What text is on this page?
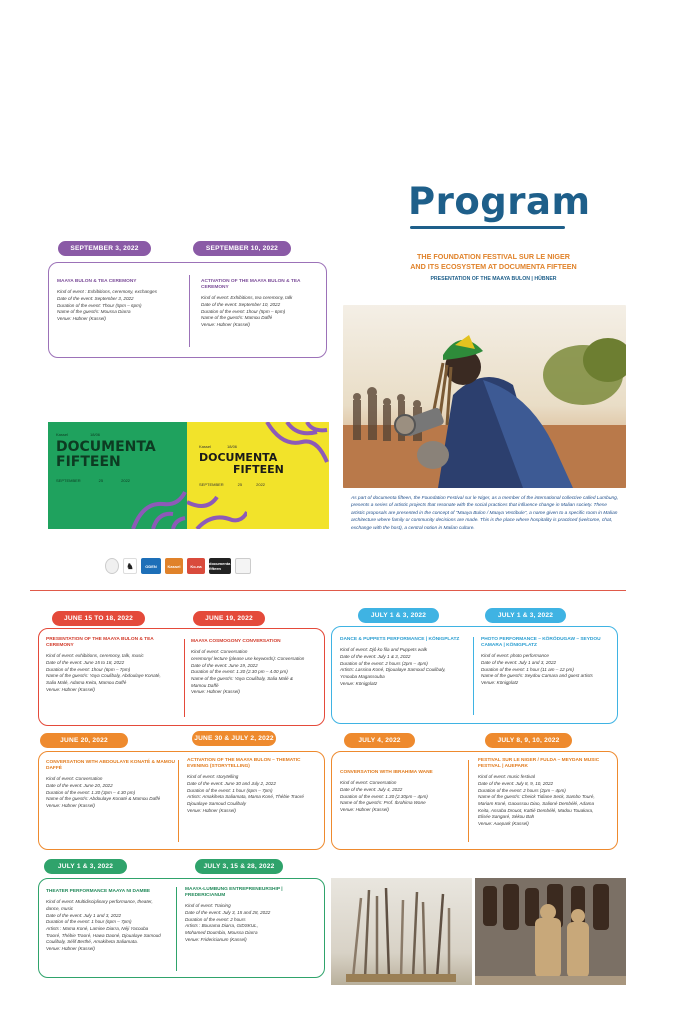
Program
THE FOUNDATION FESTIVAL SUR LE NIGER
AND ITS ECOSYSTEM AT DOCUMENTA FIFTEEN
PRESENTATION OF THE MAAYA BULON | HÜBNER
As part of documenta fifteen, the Foundation Festival sur le Niger, as a member of the international collective called Lumbung, presents a series of artistic projects that resonate with the social practices that influence change in Malian society. These artistic proposals are presented in the concept of "Maaya Bulon / Maaya Vestibule", a name given to a specific room in Malian architecture where family or community decisions are made. This is the place where hospitality is practiced (welcome, chat, exchange with the host), a central notion in Malian culture.
SEPTEMBER 3, 2022	SEPTEMBER 10, 2022
MAAYA BULON & TEA CEREMONY
Kind of event : Exhibitions, ceremony, exchanges
Date of the event: September 3, 2022
Duration of the event: Thour (5pm – 6pm)
Name of the guest/s: Moussa Diarra
Venue: Hübner (Kassel)
ACTIVATION OF THE MAAYA BULON & TEA CEREMONY
Kind of event: Exhibitions, tea ceremony, talk
Date of the event: September 10, 2022
Duration of the event: 1hour (5pm – 6pm)
Name of the guest/s: Mamou Daffé
Venue: Hübner (Kassel)
Kassel	18/06
DOCUMENTA FIFTEEN
SEPTEMBER	25	2022
Kassel	18/06
DOCUMENTA
FIFTEEN
SEPTEMBER	25	2022
♞	ODEN	Kassel	Ko-na	documenta fifteen
JUNE 15 TO 18, 2022	JUNE 19, 2022
PRESENTATION OF THE MAAYA BULON & TEA CEREMONY
Kind of event: exhibitions, ceremony, talk, music
Date of the event: June 15 to 18, 2022
Duration of the event: 1hour (6pm – 7pm)
Name of the guest/s: Yaya Coulibaly, Abdoulaye Konaté,
Salia Malé, Adama Keita, Mamou Daffé
Venue: Hübner (Kassel)
MAAYA COSMOGONY CONVERSATION
Kind of event: Conversation
ceremony/ lecture (please use keywords): Conversation
Date of the event: June 19, 2022
Duration of the event: 1.30 (2.30 pm – 4.00 pm)
Name of the guest/s: Yaya Coulibaly, Salia Malé &
Mamou Daffé
Venue: Hübner (Kassel)
JULY 1 & 3, 2022	JULY 1 & 3, 2022
DANCE & PUPPETS PERFORMANCE | KÖNIGPLATZ
Kind of event: Djô ko fila and Puppets walk
Date of the event: July 1 & 3, 2022
Duration of the event: 2 hours (2pm – 4pm)
Artists: Lassina Koné, Djoualaye Samoud Coulibaly,
Ymouba Magassouba
Venue: Königplatz
PHOTO PERFORMANCE – KÖRÖDUGAW – SEYDOU CAMARA | KÖNIGPLATZ
Kind of event: photo performance
Date of the event: July 1 and 3, 2022
Duration of the event: 1 hour (11 am – 12 pm)
Name of the guest/s: Seydou Camara and guest artists
Venue: Königplatz
JUNE 20, 2022	JUNE 30 & JULY 2, 2022
CONVERSATION WITH ABDOULAYE KONATÉ & MAMOU DAFFÉ
Kind of event: Conversation
Date of the event: June 20, 2022
Duration of the event: 1.30 (3pm – 4.30 pm)
Name of the guest/s: Abdoulaye Konaté & Mamou Daffé
Venue: Hübner (Kassel)
ACTIVATION OF THE MAAYA BULON – THEMATIC EVENING (STORYTELLING)
Kind of event: storytelling
Date of the event: June 30 and July 2, 2022
Duration of the event: 1 hour (6pm – 7pm)
Artists: Amakiheta Saliamata, Mama Koné, Thébie Traoré
Djoualaye Samoud Coulibaly
Venue: Hübner (Kassel)
JULY 4, 2022	JULY 8, 9, 10, 2022
CONVERSATION WITH IBRAHIMA WANE
Kind of event: Conversation
Date of the event: July 4, 2022
Duration of the event: 1.30 (2.30pm – 4pm)
Name of the guest/s: Prof. Ibrahima Wane
Venue: Hübner (Kassel)
FESTIVAL SUR LE NIGER / FULDA – MEYDAN MUSIC FESTIVAL | AUEPARK
Kind of event: music festival
Date of the event: July 8, 9, 10, 2022
Duration of the event: 2 hours (2pm – 4pm)
Name of the guest/s: Cheick Tidiane Seck, Sambo Touré,
Mariam Koné, Gaoussou Diao, Salioné Dembélé, Adama
Keita, Assaba Drouot, Kattié Dembélé, Madou Touakara,
Elisée Sangaré, Sékou Bah
Venue: Auepark (Kassel)
JULY 1 & 3, 2022	JULY 3, 15 & 28, 2022
THEATER PERFORMANCE MAAYA NI DAMBE
Kind of event: Multidisciplinary performance, theater,
dance, music
Date of the event: July 1 and 3, 2022
Duration of the event: 1 hour (6pm – 7pm)
Artists : Mama Koné, Lamine Diarra, Néji Yacouba
Traoré, Thébie Traoré, Hawa Daoné, Djoualaye Samoud
Coulibaly, Sélif Berthé, Amakiheta Saliamata.
Venue: Hübner (Kassel)
MAAYA-LUMBUNG ENTREPRENEURSHIP | FREDERICIANUM
Kind of event: Training
Date of the event: July 3, 15 and 28, 2022
Duration of the event: 2 hours
Artists : Bourama Diarra, GIDSKUL,
Mohamed Doumbia, Moussa Diarra
Venue: Fridericianum (Kassel)
